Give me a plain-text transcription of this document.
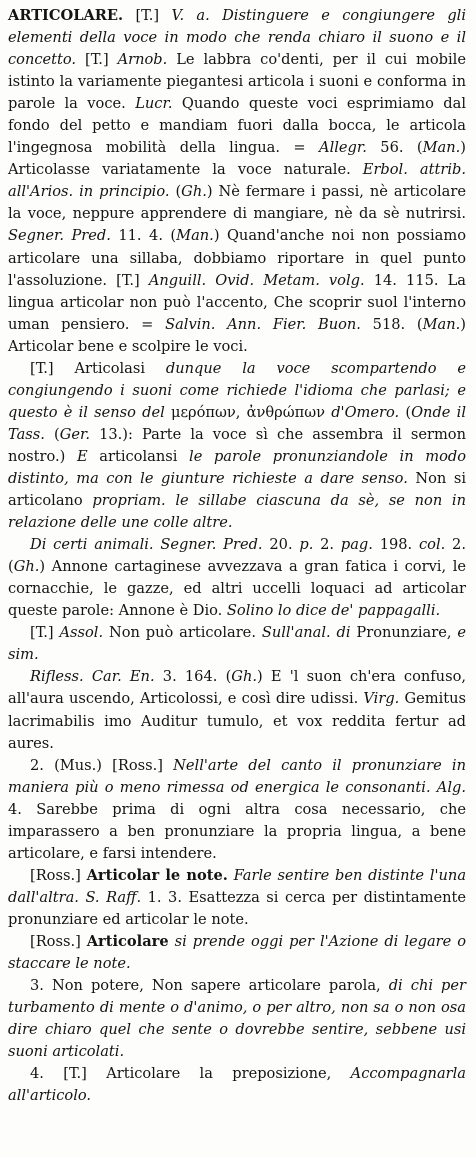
ARTICOLARE. [T.] V. a. Distinguere e congiungere gli elementi della voce in modo che renda chiaro il suono e il concetto. [T.] Arnob. Le labbra co'denti, per il cui mobile istinto la variamente piegantesi articola i suoni e conforma in parole la voce. Lucr. Quando queste voci esprimiamo dal fondo del petto e mandiam fuori dalla bocca, le articola l'ingegnosa mobilità della lingua. = Allegr. 56. (Man.) Articolasse variatamente la voce naturale. Erbol. attrib. all'Arios. in principio. (Gh.) Nè fermare i passi, nè articolare la voce, neppure apprendere di mangiare, nè da sè nutrirsi. Segner. Pred. 11. 4. (Man.) Quand'anche noi non possiamo articolare una sillaba, dobbiamo riportare in quel punto l'assoluzione. [T.] Anguill. Ovid. Metam. volg. 14. 115. La lingua articolar non può l'accento, Che scoprir suol l'interno uman pensiero. = Salvin. Ann. Fier. Buon. 518. (Man.) Articolar bene e scolpire le voci.

[T.] Articolasi dunque la voce scompartendo e congiungendo i suoni come richiede l'idioma che parlasi; e questo è il senso del μερόπων, ἀνθρώπων d'Omero. (Onde il Tass. (Ger. 13.): Parte la voce sì che assembra il sermon nostro.) E articolansi le parole pronunziandole in modo distinto, ma con le giunture richieste a dare senso. Non si articolano propriam. le sillabe ciascuna da sè, se non in relazione delle une colle altre.

Di certi animali. Segner. Pred. 20. p. 2. pag. 198. col. 2. (Gh.) Annone cartaginese avvezzava a gran fatica i corvi, le cornacchie, le gazze, ed altri uccelli loquaci ad articolar queste parole: Annone è Dio. Solino lo dice de' pappagalli.

[T.] Assol. Non può articolare. Sull'anal. di Pronunziare, e sim.

Rifless. Car. En. 3. 164. (Gh.) E 'l suon ch'era confuso, all'aura uscendo, Articolossi, e così dire udissi. Virg. Gemitus lacrimabilis imo Auditur tumulo, et vox reddita fertur ad aures.

2. (Mus.) [Ross.] Nell'arte del canto il pronunziare in maniera più o meno rimessa od energica le consonanti. Alg. 4. Sarebbe prima di ogni altra cosa necessario, che imparassero a ben pronunziare la propria lingua, a bene articolare, e farsi intendere.

[Ross.] Articolar le note. Farle sentire ben distinte l'una dall'altra. S. Raff. 1. 3. Esattezza si cerca per distintamente pronunziare ed articolar le note.

[Ross.] Articolare si prende oggi per l'Azione di legare o staccare le note.

3. Non potere, Non sapere articolare parola, di chi per turbamento di mente o d'animo, o per altro, non sa o non osa dire chiaro quel che sente o dovrebbe sentire, sebbene usi suoni articolati.

4. [T.] Articolare la preposizione, Accompagnarla all'articolo.
